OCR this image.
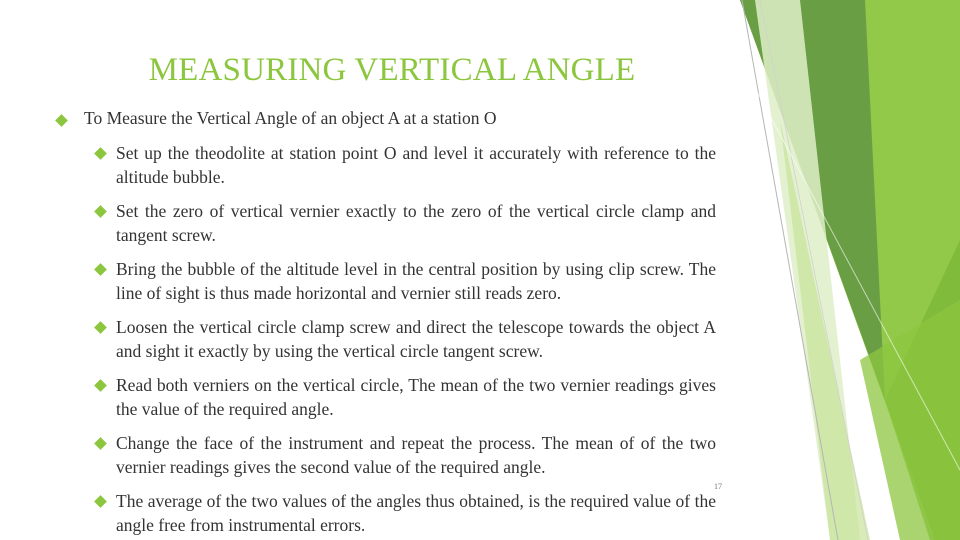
MEASURING VERTICAL ANGLE
To Measure the Vertical Angle of an object A at a station O
Set up the theodolite at station point O and level it accurately with reference to the altitude bubble.
Set the zero of vertical vernier exactly to the zero of the vertical circle clamp and tangent screw.
Bring the bubble of the altitude level in the central position by using clip screw. The line of sight is thus made horizontal and vernier still reads zero.
Loosen the vertical circle clamp screw and direct the telescope towards the object A and sight it exactly by using the vertical circle tangent screw.
Read both verniers on the vertical circle, The mean of the two vernier readings gives the value of the required angle.
Change the face of the instrument and repeat the process. The mean of of the two vernier readings gives the second value of the required angle.
The average of the two values of the angles thus obtained, is the required value of the angle free from instrumental errors.
17
